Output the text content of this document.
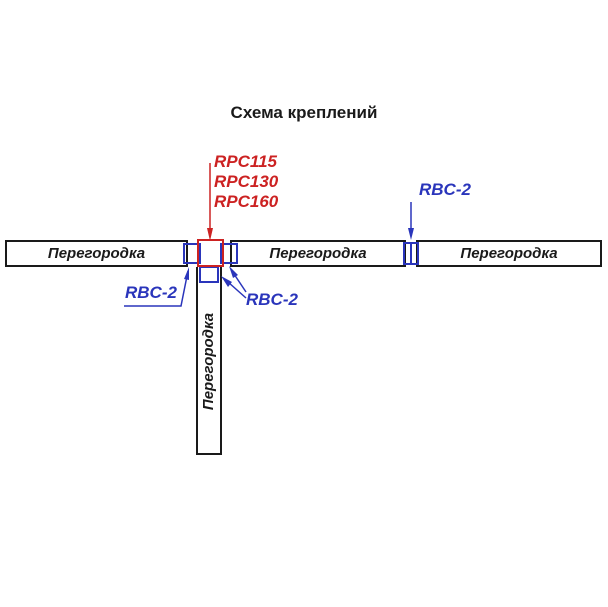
Схема креплений
Перегородка	Перегородка	Перегородка
Перегородка
RPC115
RPC130
RPC160
RBC-2
RBC-2	RBC-2
